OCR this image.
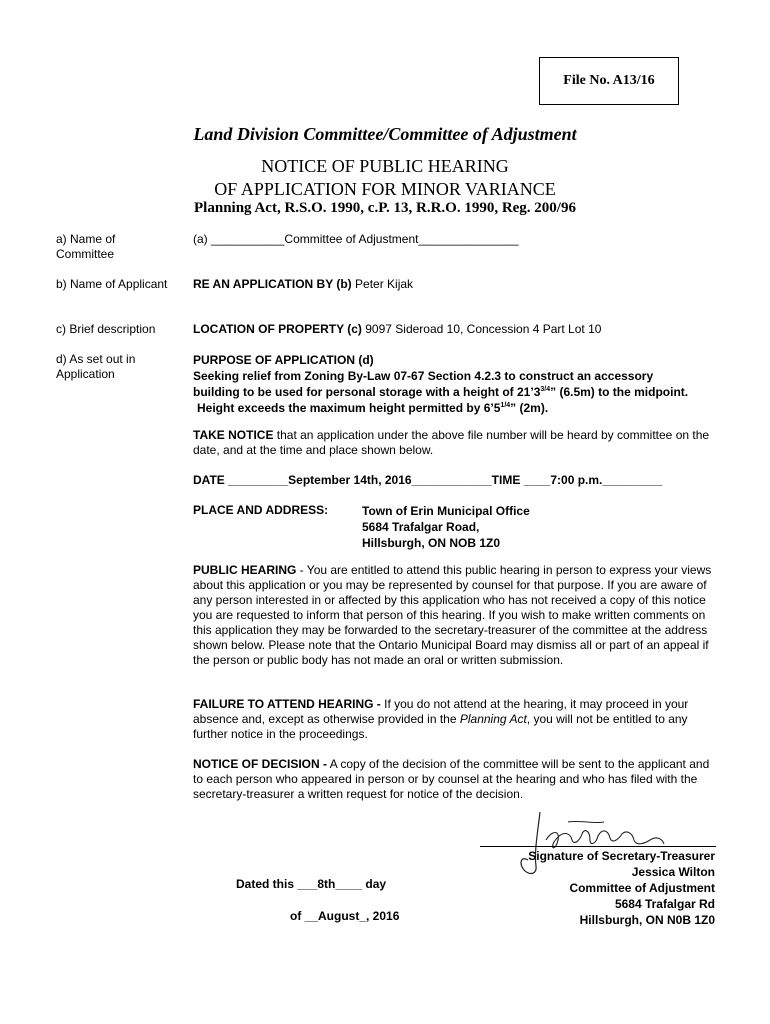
File No. A13/16
Land Division Committee/Committee of Adjustment
NOTICE OF PUBLIC HEARING
OF APPLICATION FOR MINOR VARIANCE
Planning Act, R.S.O. 1990, c.P. 13, R.R.O. 1990, Reg. 200/96
a) Name of Committee
b) Name of Applicant
c) Brief description
d) As set out in Application
(a) ___________Committee of Adjustment_______________
RE AN APPLICATION BY (b) Peter Kijak
LOCATION OF PROPERTY (c) 9097 Sideroad 10, Concession 4 Part Lot 10
PURPOSE OF APPLICATION (d)
Seeking relief from Zoning By-Law 07-67 Section 4.2.3 to construct an accessory
building to be used for personal storage with a height of $21’3^{3/4}$” (6.5m) to the midpoint.
Height exceeds the maximum height permitted by $6’5^{1/4}$” (2m).
TAKE NOTICE that an application under the above file number will be heard by committee on the date, and at the time and place shown below.
DATE _________September 14th, 2016____________TIME ____7:00 p.m._________
PLACE AND ADDRESS:	Town of Erin Municipal Office
5684 Trafalgar Road,
Hillsburgh, ON NOB 1Z0
PUBLIC HEARING - You are entitled to attend this public hearing in person to express your views about this application or you may be represented by counsel for that purpose. If you are aware of any person interested in or affected by this application who has not received a copy of this notice you are requested to inform that person of this hearing. If you wish to make written comments on this application they may be forwarded to the secretary-treasurer of the committee at the address shown below. Please note that the Ontario Municipal Board may dismiss all or part of an appeal if the person or public body has not made an oral or written submission.
FAILURE TO ATTEND HEARING - If you do not attend at the hearing, it may proceed in your absence and, except as otherwise provided in the Planning Act, you will not be entitled to any further notice in the proceedings.
NOTICE OF DECISION - A copy of the decision of the committee will be sent to the applicant and to each person who appeared in person or by counsel at the hearing and who has filed with the secretary-treasurer a written request for notice of the decision.
Signature of Secretary-Treasurer
Jessica Wilton
Committee of Adjustment
5684 Trafalgar Rd
Hillsburgh, ON N0B 1Z0
Dated this ___8th____ day
of __August_, 2016
